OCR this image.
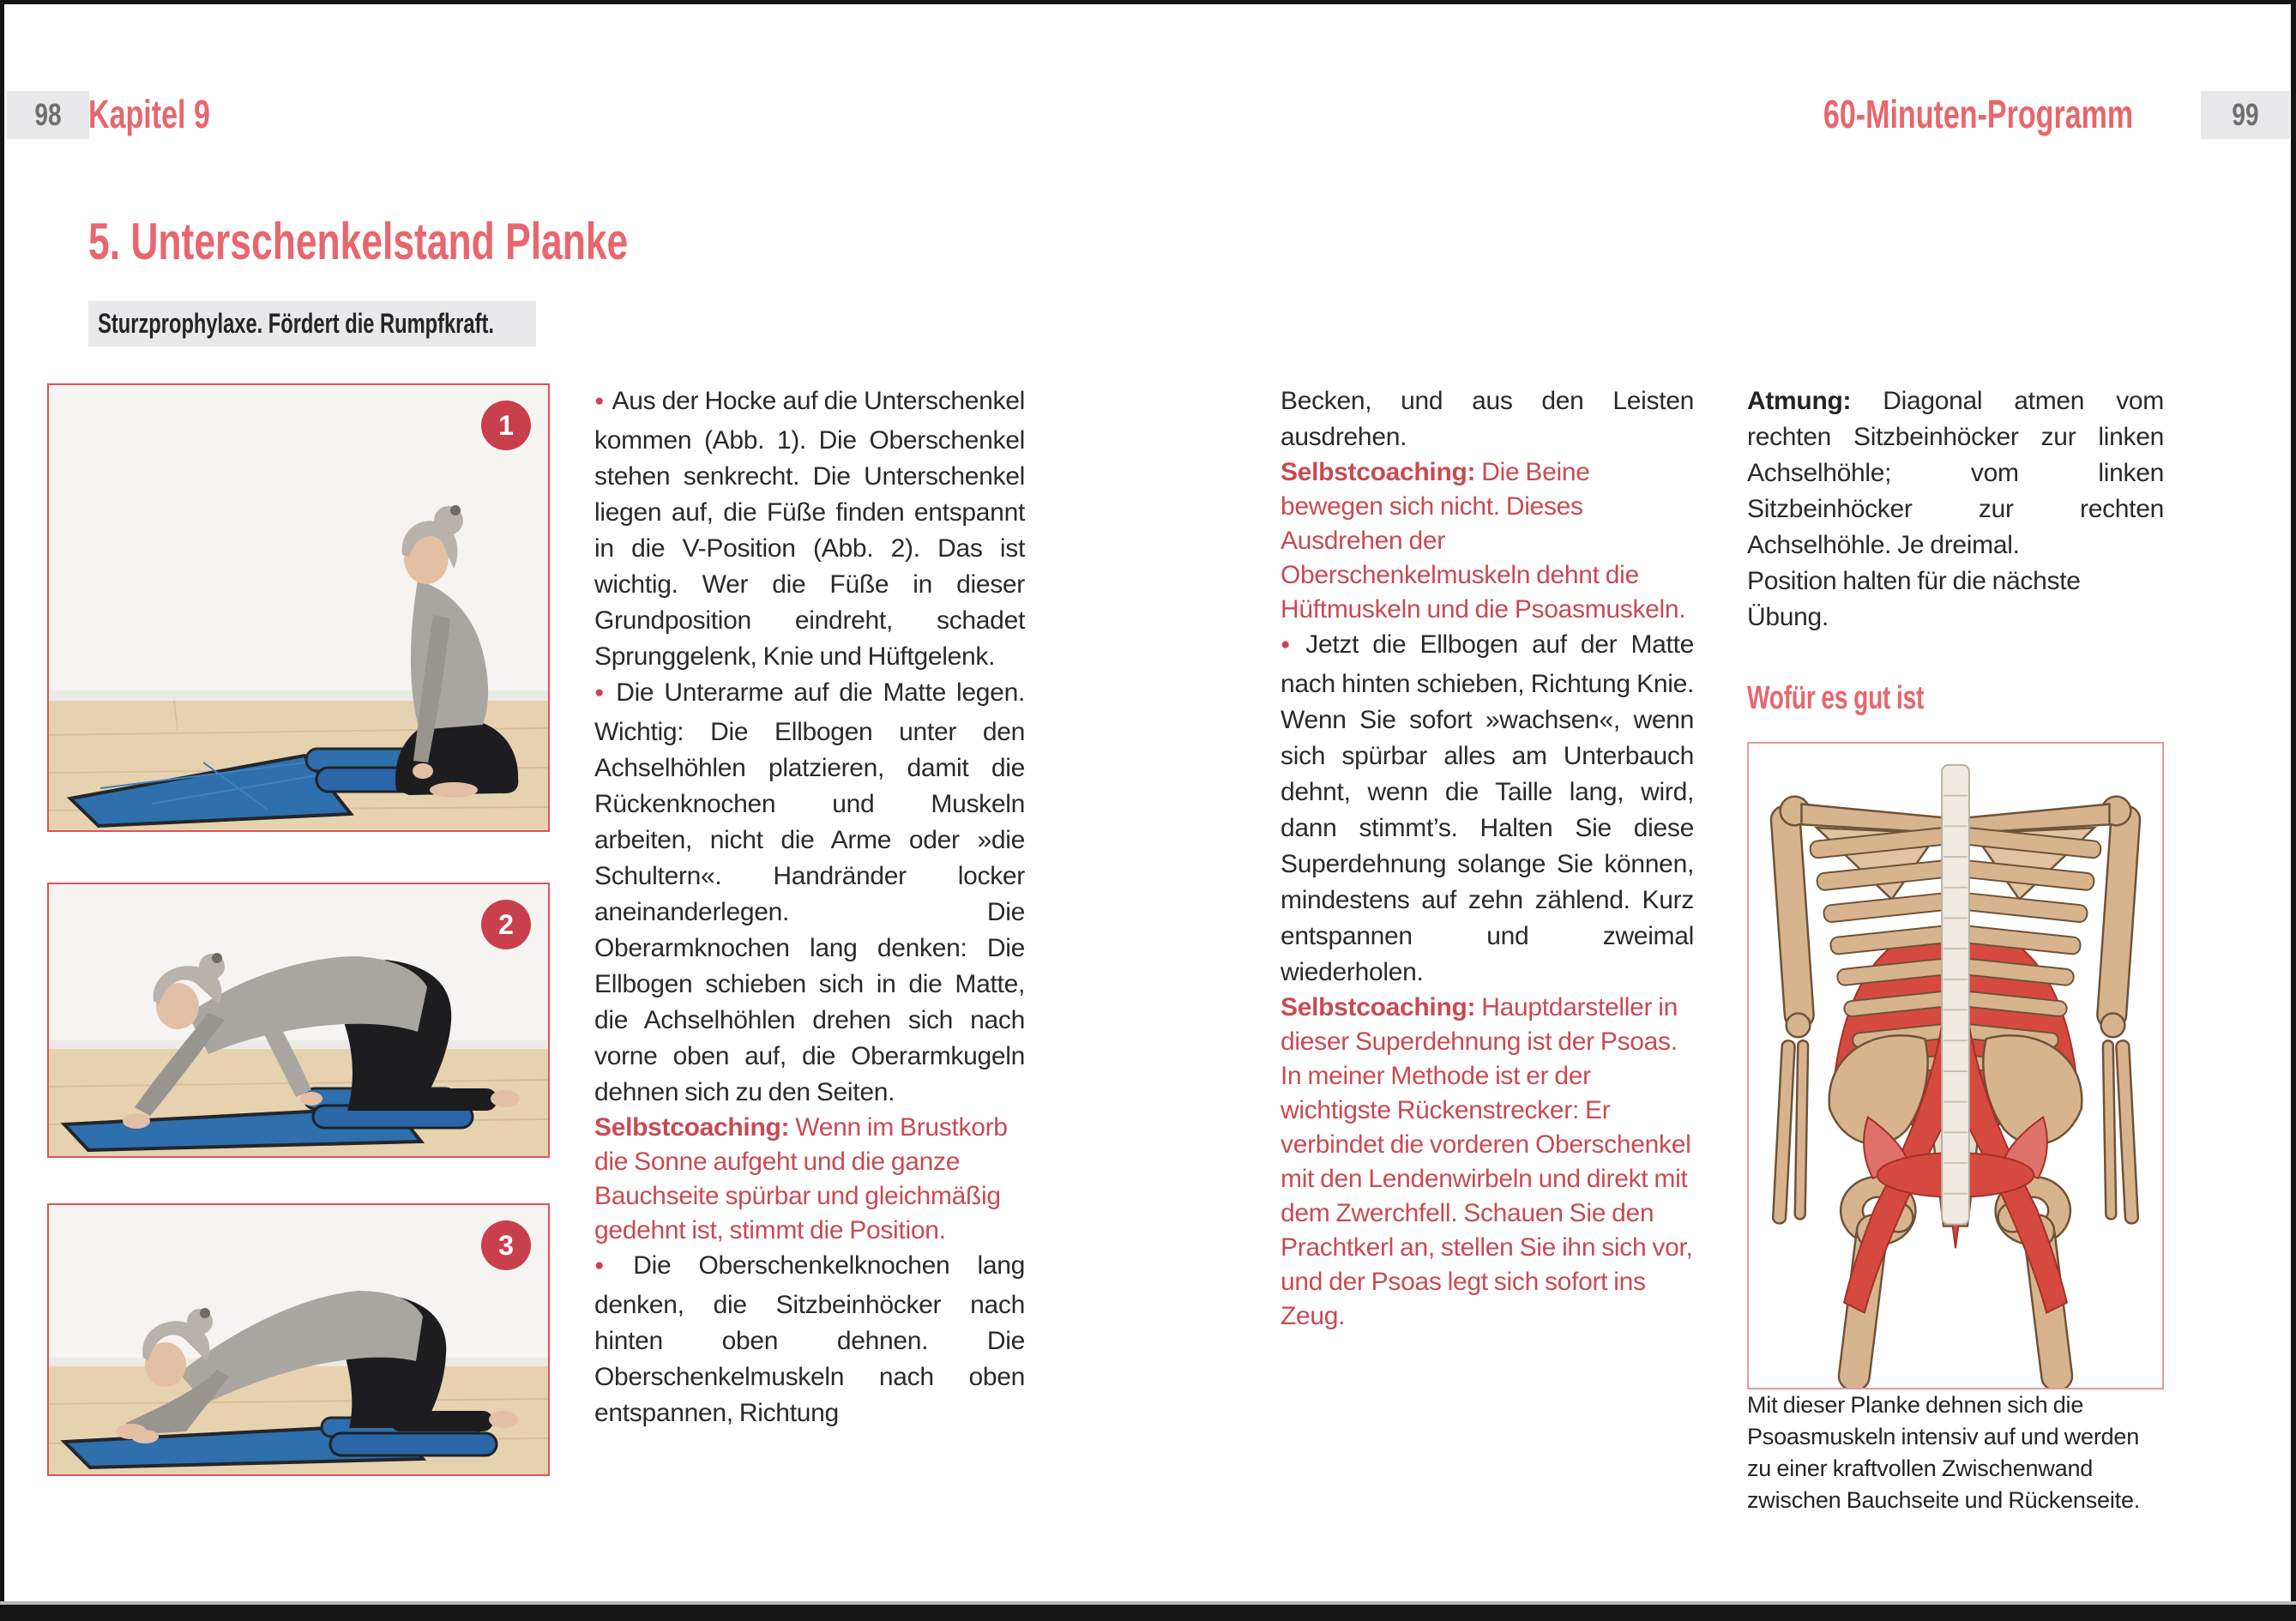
98 Kapitel 9	60-Minuten-Programm	99
5. Unterschenkelstand Planke
Sturzprophylaxe. Fördert die Rumpfkraft.
1
2
3

● Aus der Hocke auf die Unterschenkel kommen (Abb. 1). Die Oberschenkel stehen senkrecht. Die Unterschenkel liegen auf, die Füße finden entspannt in die V-Position (Abb. 2). Das ist wichtig. Wer die Füße in dieser Grundposition eindreht, schadet Sprunggelenk, Knie und Hüftgelenk.

● Die Unterarme auf die Matte legen. Wichtig: Die Ellbogen unter den Achselhöhlen platzieren, damit die Rückenknochen und Muskeln arbeiten, nicht die Arme oder »die Schultern«. Handränder locker aneinanderlegen. Die Oberarmknochen lang denken: Die Ellbogen schieben sich in die Matte, die Achselhöhlen drehen sich nach vorne oben auf, die Oberarmkugeln dehnen sich zu den Seiten.

Selbstcoaching: Wenn im Brustkorb die Sonne aufgeht und die ganze Bauchseite spürbar und gleichmäßig gedehnt ist, stimmt die Position.

● Die Oberschenkelknochen lang denken, die Sitzbeinhöcker nach hinten oben dehnen. Die Oberschenkelmuskeln nach oben entspannen, Richtung

Becken, und aus den Leisten ausdrehen.

Selbstcoaching: Die Beine bewegen sich nicht. Dieses Ausdrehen der Oberschenkelmuskeln dehnt die Hüftmuskeln und die Psoasmuskeln.

● Jetzt die Ellbogen auf der Matte nach hinten schieben, Richtung Knie. Wenn Sie sofort »wachsen«, wenn sich spürbar alles am Unterbauch dehnt, wenn die Taille lang, wird, dann stimmt’s. Halten Sie diese Superdehnung solange Sie können, mindestens auf zehn zählend. Kurz entspannen und zweimal wiederholen.

Selbstcoaching: Hauptdarsteller in dieser Superdehnung ist der Psoas. In meiner Methode ist er der wichtigste Rückenstrecker: Er verbindet die vorderen Oberschenkel mit den Lendenwirbeln und direkt mit dem Zwerchfell. Schauen Sie den Prachtkerl an, stellen Sie ihn sich vor, und der Psoas legt sich sofort ins Zeug.

Atmung: Diagonal atmen vom rechten Sitzbeinhöcker zur linken Achselhöhle; vom linken Sitzbeinhöcker zur rechten Achselhöhle. Je dreimal.

Position halten für die nächste Übung.

Wofür es gut ist

Mit dieser Planke dehnen sich die Psoasmuskeln intensiv auf und werden zu einer kraftvollen Zwischenwand zwischen Bauchseite und Rückenseite.
